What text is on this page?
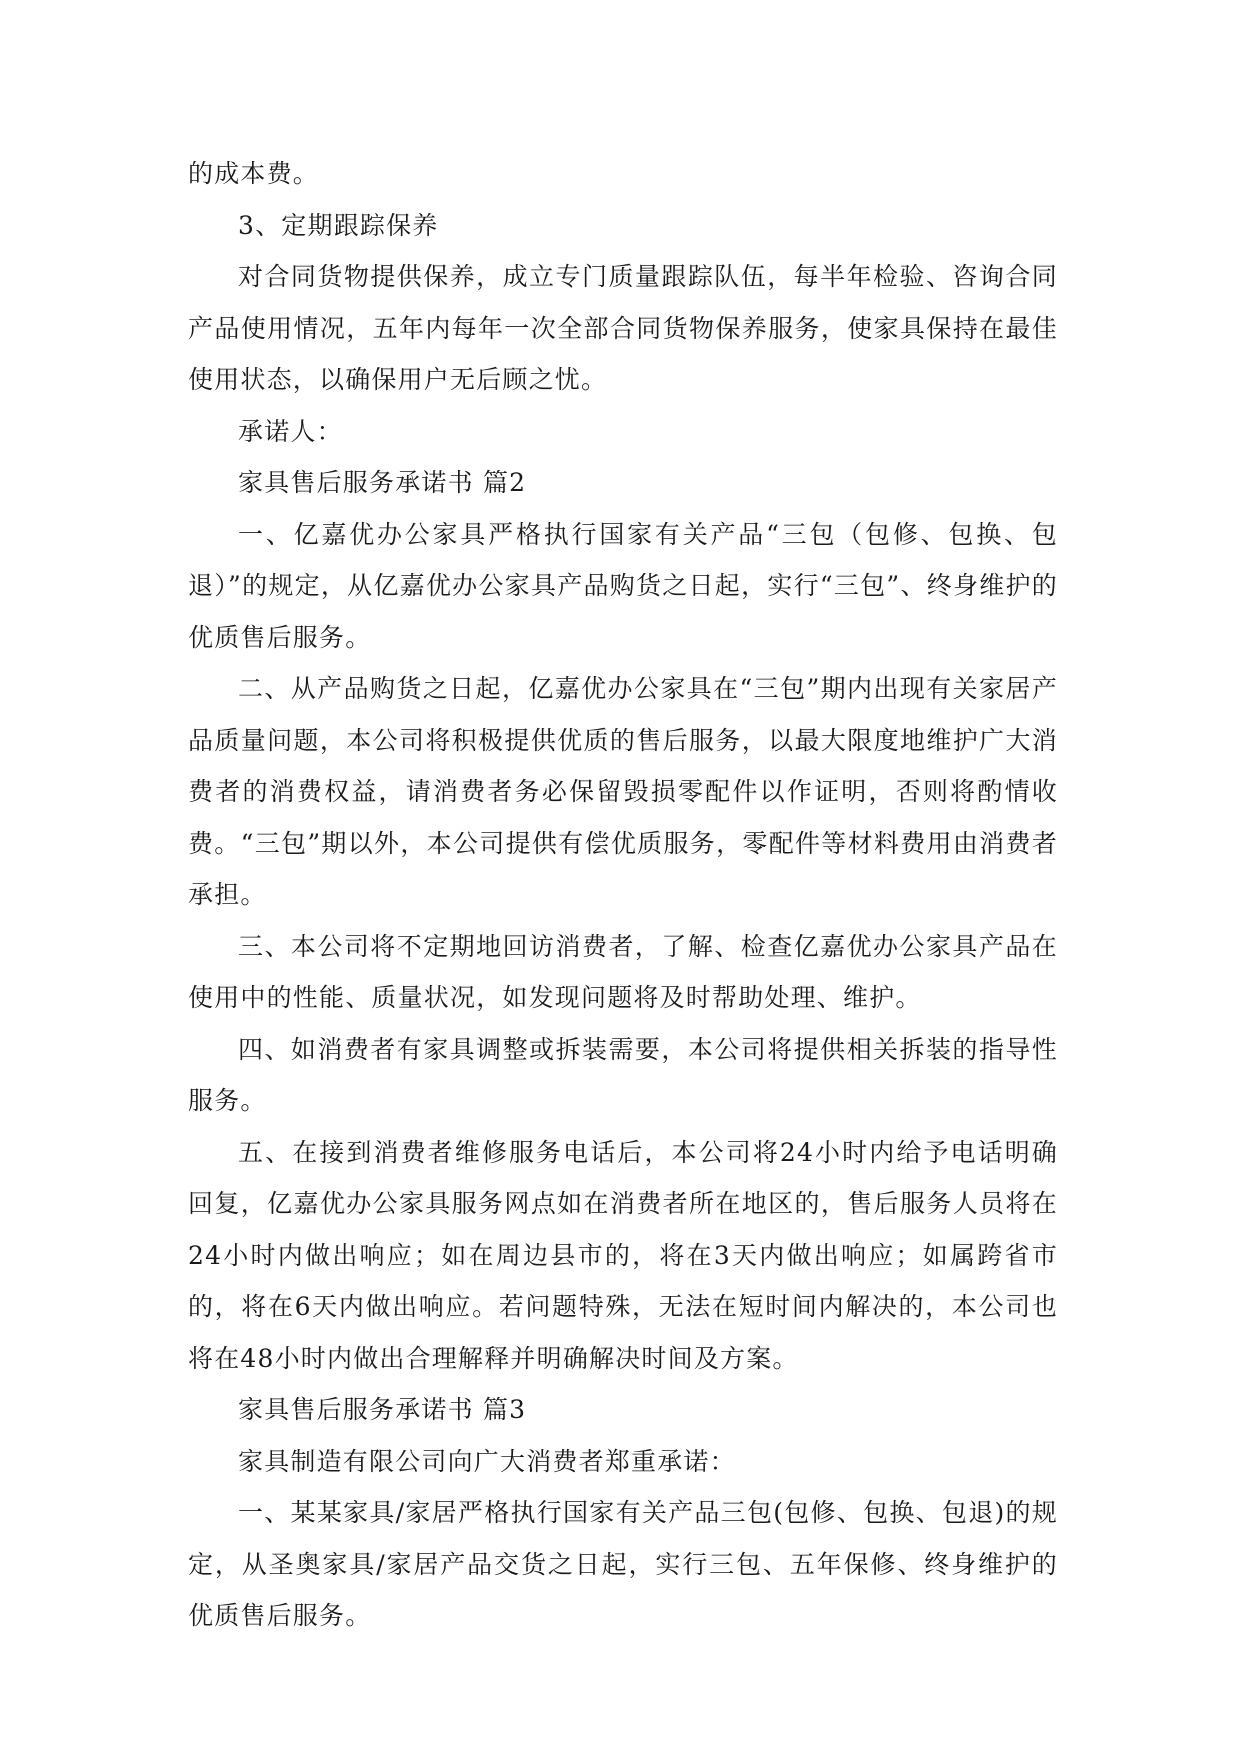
的成本费。

3、定期跟踪保养

对合同货物提供保养，成立专门质量跟踪队伍，每半年检验、咨询合同产品使用情况，五年内每年一次全部合同货物保养服务，使家具保持在最佳使用状态，以确保用户无后顾之忧。

承诺人：

家具售后服务承诺书 篇2

一、亿嘉优办公家具严格执行国家有关产品“三包（包修、包换、包退）”的规定，从亿嘉优办公家具产品购货之日起，实行“三包”、终身维护的优质售后服务。

二、从产品购货之日起，亿嘉优办公家具在“三包”期内出现有关家居产品质量问题，本公司将积极提供优质的售后服务，以最大限度地维护广大消费者的消费权益，请消费者务必保留毁损零配件以作证明，否则将酌情收费。“三包”期以外，本公司提供有偿优质服务，零配件等材料费用由消费者承担。

三、本公司将不定期地回访消费者，了解、检查亿嘉优办公家具产品在使用中的性能、质量状况，如发现问题将及时帮助处理、维护。

四、如消费者有家具调整或拆装需要，本公司将提供相关拆装的指导性服务。

五、在接到消费者维修服务电话后，本公司将24小时内给予电话明确回复，亿嘉优办公家具服务网点如在消费者所在地区的，售后服务人员将在24小时内做出响应；如在周边县市的，将在3天内做出响应；如属跨省市的，将在6天内做出响应。若问题特殊，无法在短时间内解决的，本公司也将在48小时内做出合理解释并明确解决时间及方案。

家具售后服务承诺书 篇3

家具制造有限公司向广大消费者郑重承诺：

一、某某家具/家居严格执行国家有关产品三包(包修、包换、包退)的规定，从圣奥家具/家居产品交货之日起，实行三包、五年保修、终身维护的优质售后服务。
